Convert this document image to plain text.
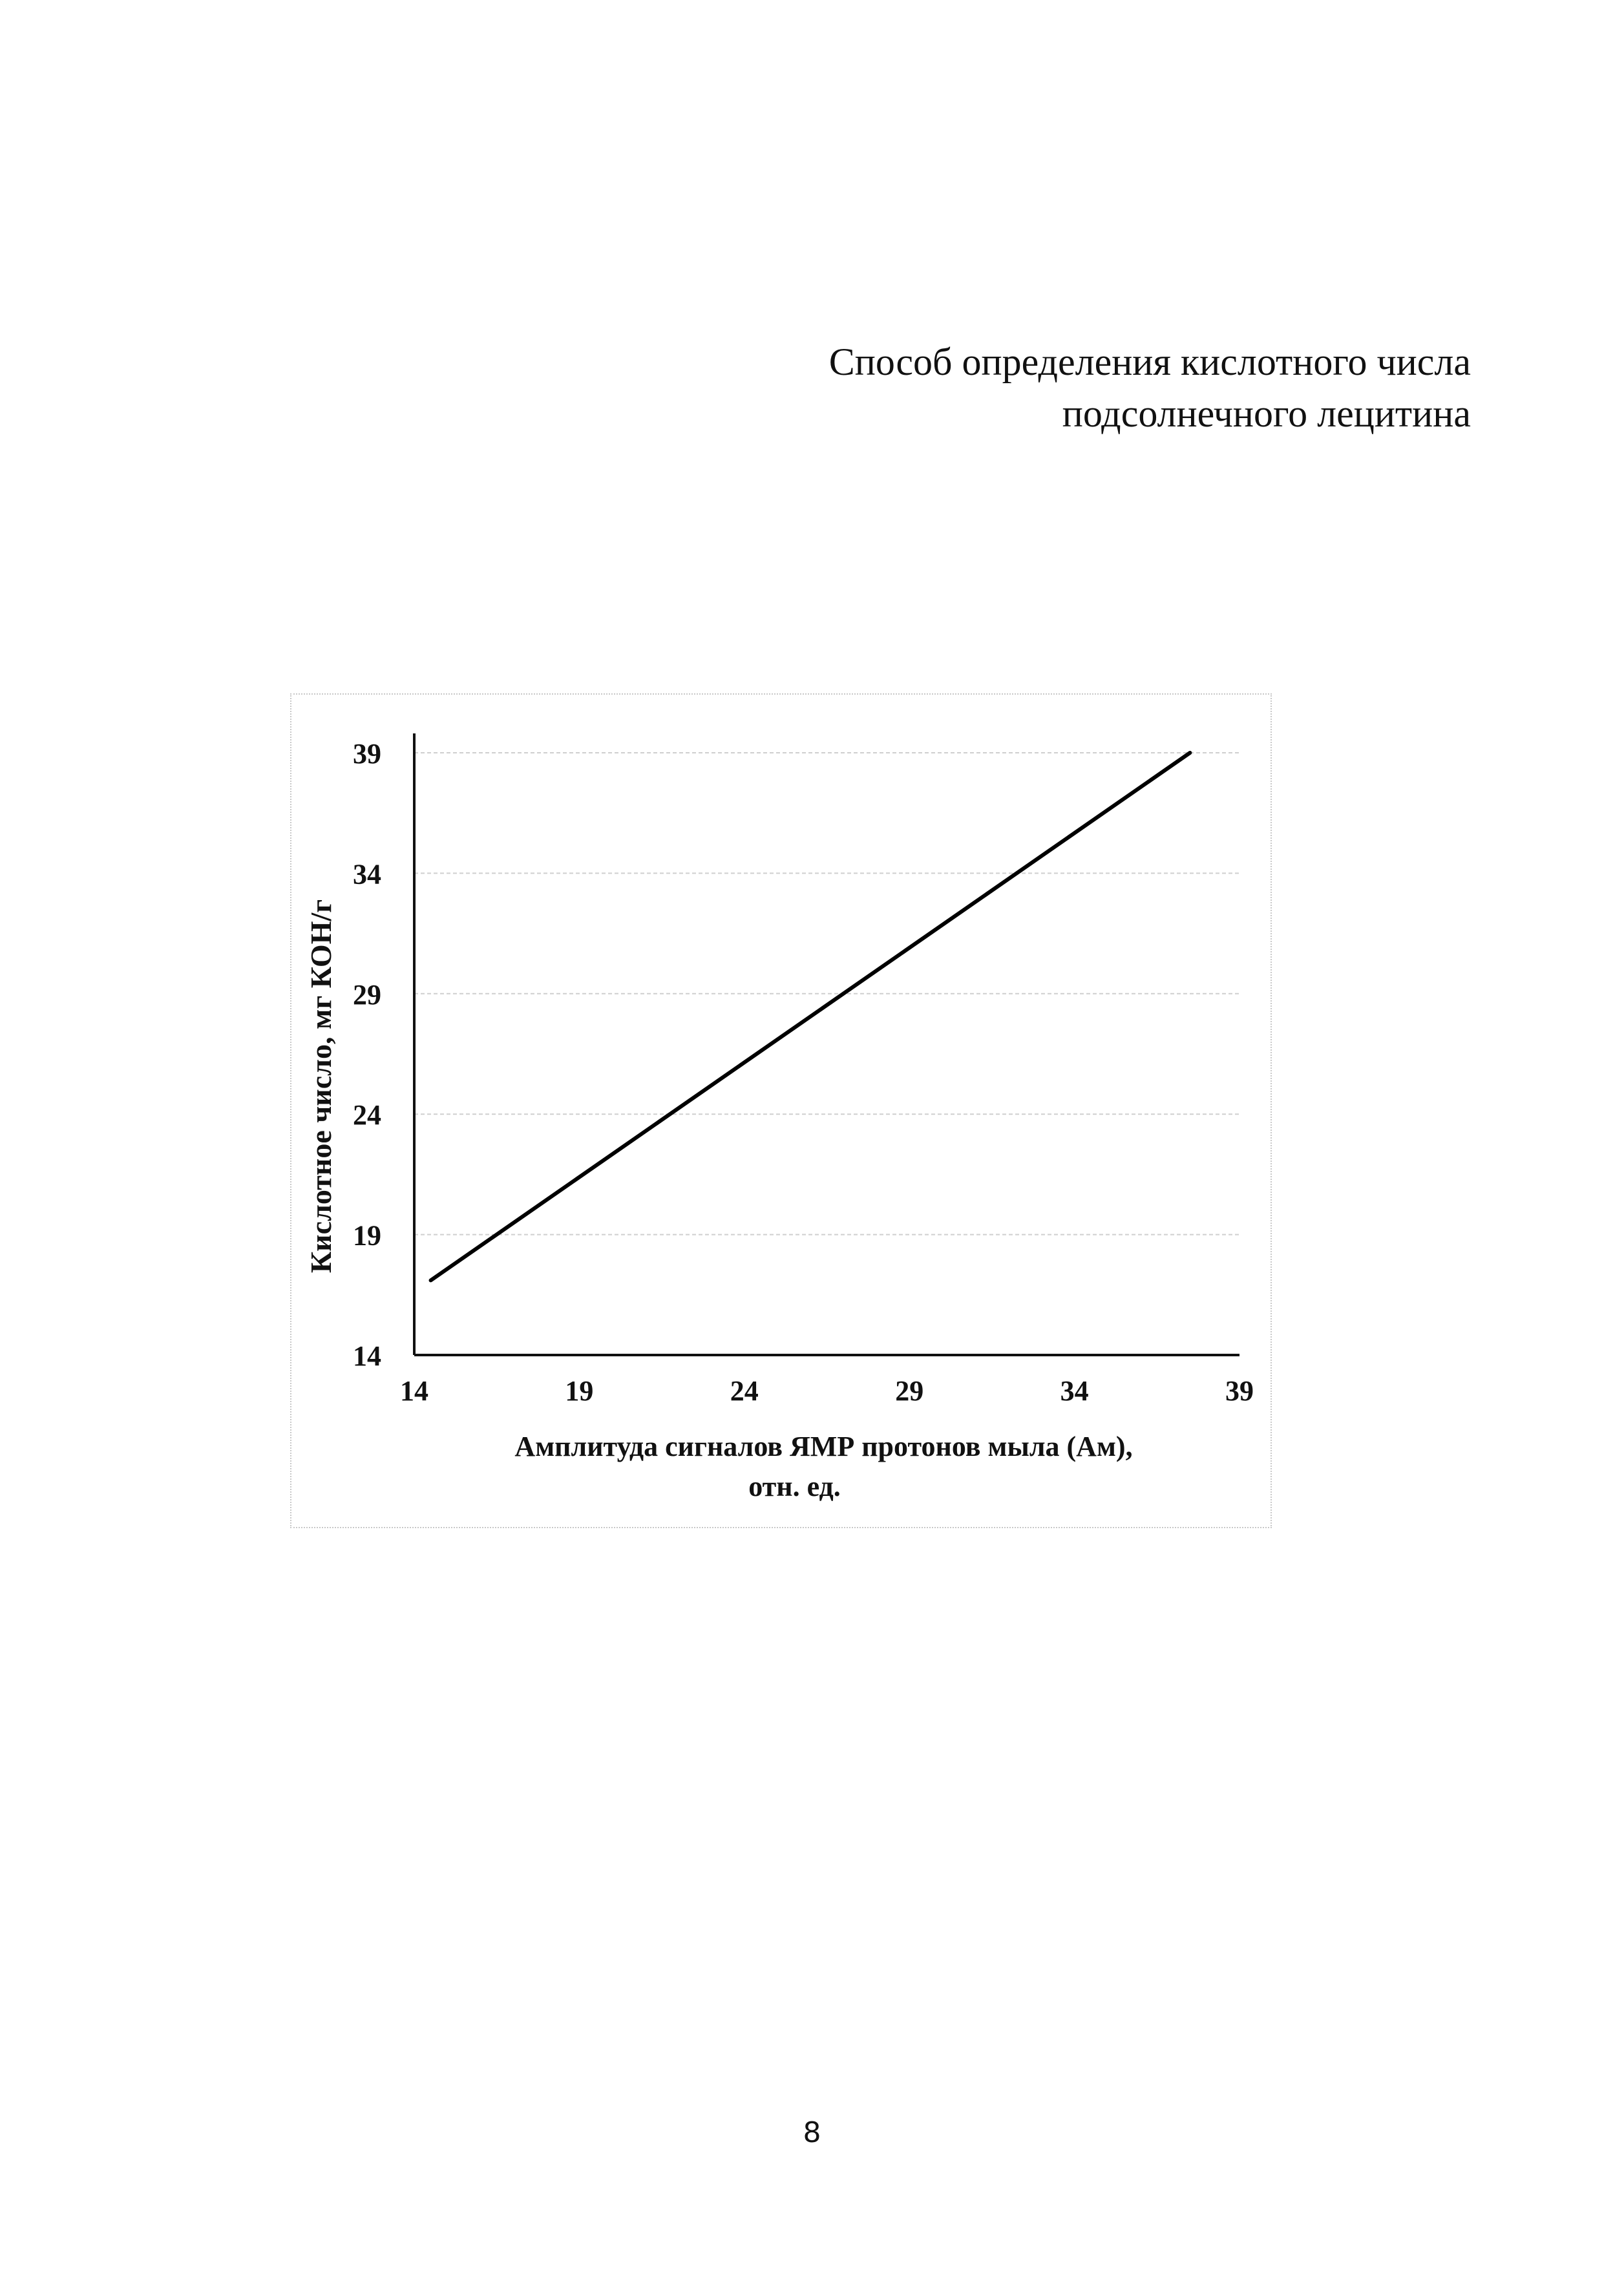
Способ определения кислотного числа
подсолнечного лецитина
14
19
24
29
34
39
14	19	24	29	34	39
Кислотное число, мг КОН/г
Амплитуда сигналов ЯМР протонов мыла (Ам),
отн. ед.
8
